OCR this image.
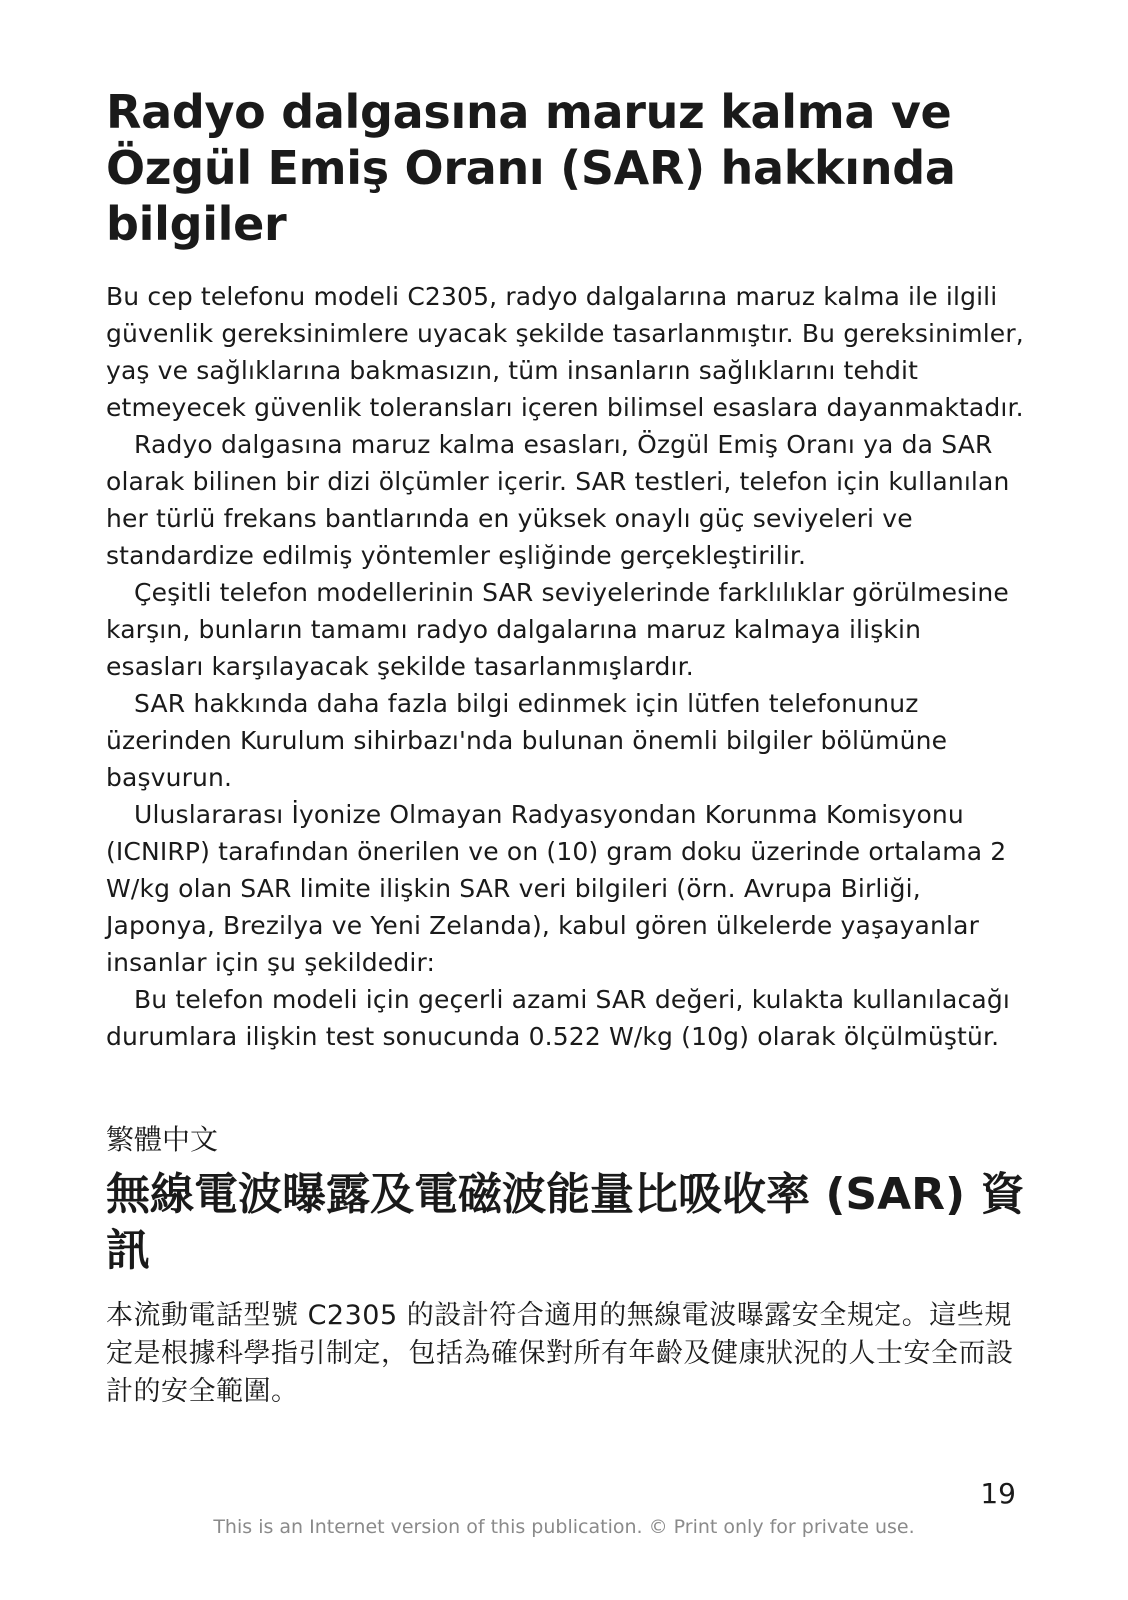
Radyo dalgasına maruz kalma ve Özgül Emiş Oranı (SAR) hakkında bilgiler

Bu cep telefonu modeli C2305, radyo dalgalarına maruz kalma ile ilgili güvenlik gereksinimlere uyacak şekilde tasarlanmıştır. Bu gereksinimler, yaş ve sağlıklarına bakmasızın, tüm insanların sağlıklarını tehdit etmeyecek güvenlik toleransları içeren bilimsel esaslara dayanmaktadır.

Radyo dalgasına maruz kalma esasları, Özgül Emiş Oranı ya da SAR olarak bilinen bir dizi ölçümler içerir. SAR testleri, telefon için kullanılan her türlü frekans bantlarında en yüksek onaylı güç seviyeleri ve standardize edilmiş yöntemler eşliğinde gerçekleştirilir.

Çeşitli telefon modellerinin SAR seviyelerinde farklılıklar görülmesine karşın, bunların tamamı radyo dalgalarına maruz kalmaya ilişkin esasları karşılayacak şekilde tasarlanmışlardır.

SAR hakkında daha fazla bilgi edinmek için lütfen telefonunuz üzerinden Kurulum sihirbazı'nda bulunan önemli bilgiler bölümüne başvurun.

Uluslararası İyonize Olmayan Radyasyondan Korunma Komisyonu (ICNIRP) tarafından önerilen ve on (10) gram doku üzerinde ortalama 2 W/kg olan SAR limite ilişkin SAR veri bilgileri (örn. Avrupa Birliği, Japonya, Brezilya ve Yeni Zelanda), kabul gören ülkelerde yaşayanlar insanlar için şu şekildedir:

Bu telefon modeli için geçerli azami SAR değeri, kulakta kullanılacağı durumlara ilişkin test sonucunda 0.522 W/kg (10g) olarak ölçülmüştür.

繁體中文
無線電波曝露及電磁波能量比吸收率 (SAR) 資訊

本流動電話型號 C2305 的設計符合適用的無線電波曝露安全規定。這些規定是根據科學指引制定，包括為確保對所有年齡及健康狀況的人士安全而設計的安全範圍。

19
This is an Internet version of this publication. © Print only for private use.
